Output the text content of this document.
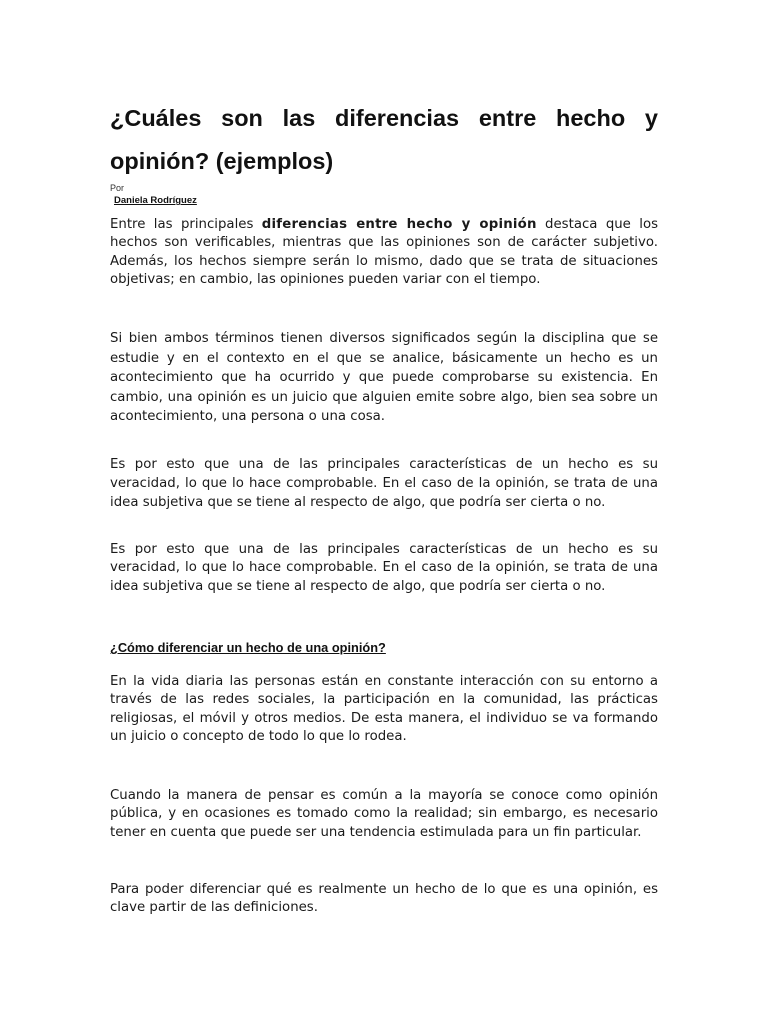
¿Cuáles son las diferencias entre hecho y opinión? (ejemplos)
Por
Daniela Rodríguez

Entre las principales diferencias entre hecho y opinión destaca que los hechos son verificables, mientras que las opiniones son de carácter subjetivo. Además, los hechos siempre serán lo mismo, dado que se trata de situaciones objetivas; en cambio, las opiniones pueden variar con el tiempo.

Si bien ambos términos tienen diversos significados según la disciplina que se estudie y en el contexto en el que se analice, básicamente un hecho es un acontecimiento que ha ocurrido y que puede comprobarse su existencia. En cambio, una opinión es un juicio que alguien emite sobre algo, bien sea sobre un acontecimiento, una persona o una cosa.

Es por esto que una de las principales características de un hecho es su veracidad, lo que lo hace comprobable. En el caso de la opinión, se trata de una idea subjetiva que se tiene al respecto de algo, que podría ser cierta o no.

Es por esto que una de las principales características de un hecho es su veracidad, lo que lo hace comprobable. En el caso de la opinión, se trata de una idea subjetiva que se tiene al respecto de algo, que podría ser cierta o no.

¿Cómo diferenciar un hecho de una opinión?

En la vida diaria las personas están en constante interacción con su entorno a través de las redes sociales, la participación en la comunidad, las prácticas religiosas, el móvil y otros medios. De esta manera, el individuo se va formando un juicio o concepto de todo lo que lo rodea.

Cuando la manera de pensar es común a la mayoría se conoce como opinión pública, y en ocasiones es tomado como la realidad; sin embargo, es necesario tener en cuenta que puede ser una tendencia estimulada para un fin particular.

Para poder diferenciar qué es realmente un hecho de lo que es una opinión, es clave partir de las definiciones.
